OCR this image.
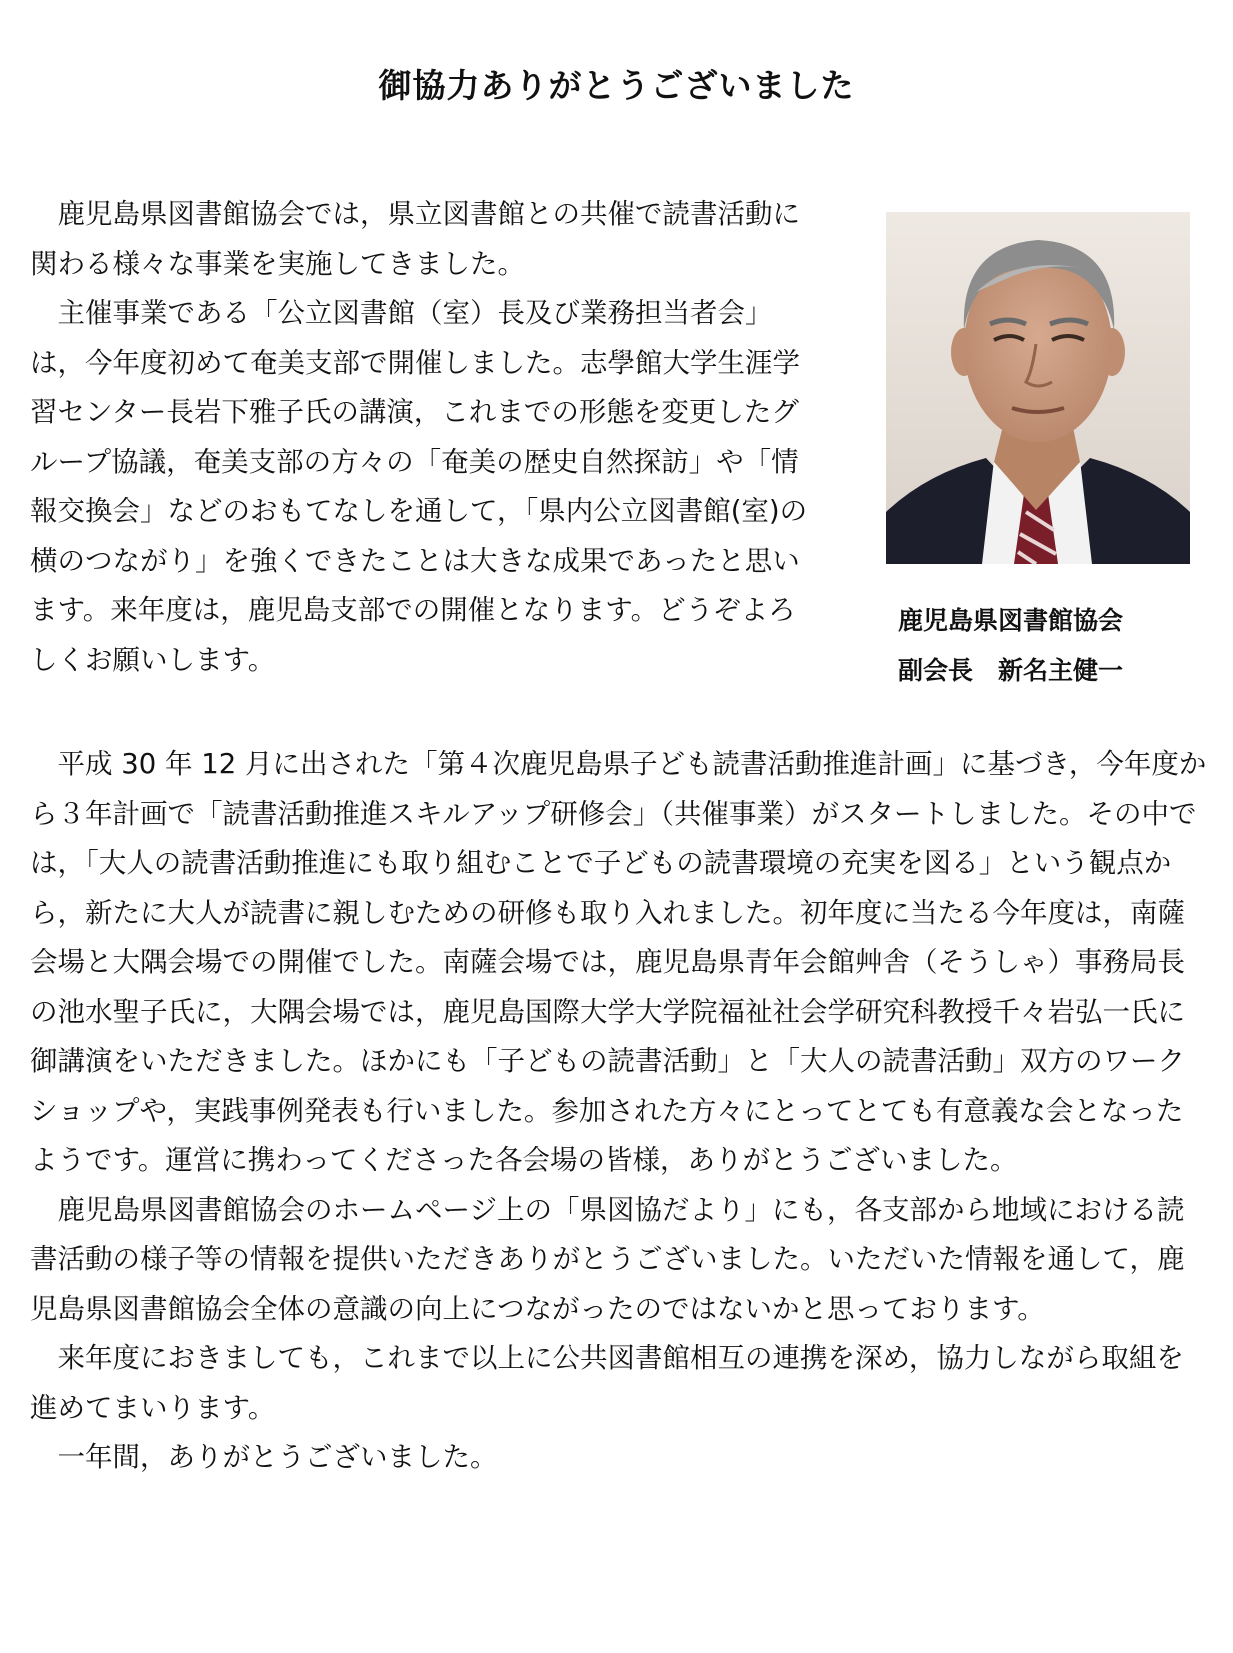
御協力ありがとうございました

鹿児島県図書館協会では，県立図書館との共催で読書活動に関わる様々な事業を実施してきました。

主催事業である「公立図書館（室）長及び業務担当者会」は，今年度初めて奄美支部で開催しました。志學館大学生涯学習センター長岩下雅子氏の講演，これまでの形態を変更したグループ協議，奄美支部の方々の「奄美の歴史自然探訪」や「情報交換会」などのおもてなしを通して，「県内公立図書館(室)の横のつながり」を強くできたことは大きな成果であったと思います。来年度は，鹿児島支部での開催となります。どうぞよろしくお願いします。

鹿児島県図書館協会
副会長　新名主健一

平成 30 年 12 月に出された「第４次鹿児島県子ども読書活動推進計画」に基づき，今年度から３年計画で「読書活動推進スキルアップ研修会」（共催事業）がスタートしました。その中では，「大人の読書活動推進にも取り組むことで子どもの読書環境の充実を図る」という観点から，新たに大人が読書に親しむための研修も取り入れました。初年度に当たる今年度は，南薩会場と大隅会場での開催でした。南薩会場では，鹿児島県青年会館艸舎（そうしゃ）事務局長の池水聖子氏に，大隅会場では，鹿児島国際大学大学院福祉社会学研究科教授千々岩弘一氏に御講演をいただきました。ほかにも「子どもの読書活動」と「大人の読書活動」双方のワークショップや，実践事例発表も行いました。参加された方々にとってとても有意義な会となったようです。運営に携わってくださった各会場の皆様，ありがとうございました。

鹿児島県図書館協会のホームページ上の「県図協だより」にも，各支部から地域における読書活動の様子等の情報を提供いただきありがとうございました。いただいた情報を通して，鹿児島県図書館協会全体の意識の向上につながったのではないかと思っております。

来年度におきましても，これまで以上に公共図書館相互の連携を深め，協力しながら取組を進めてまいります。

一年間，ありがとうございました。
